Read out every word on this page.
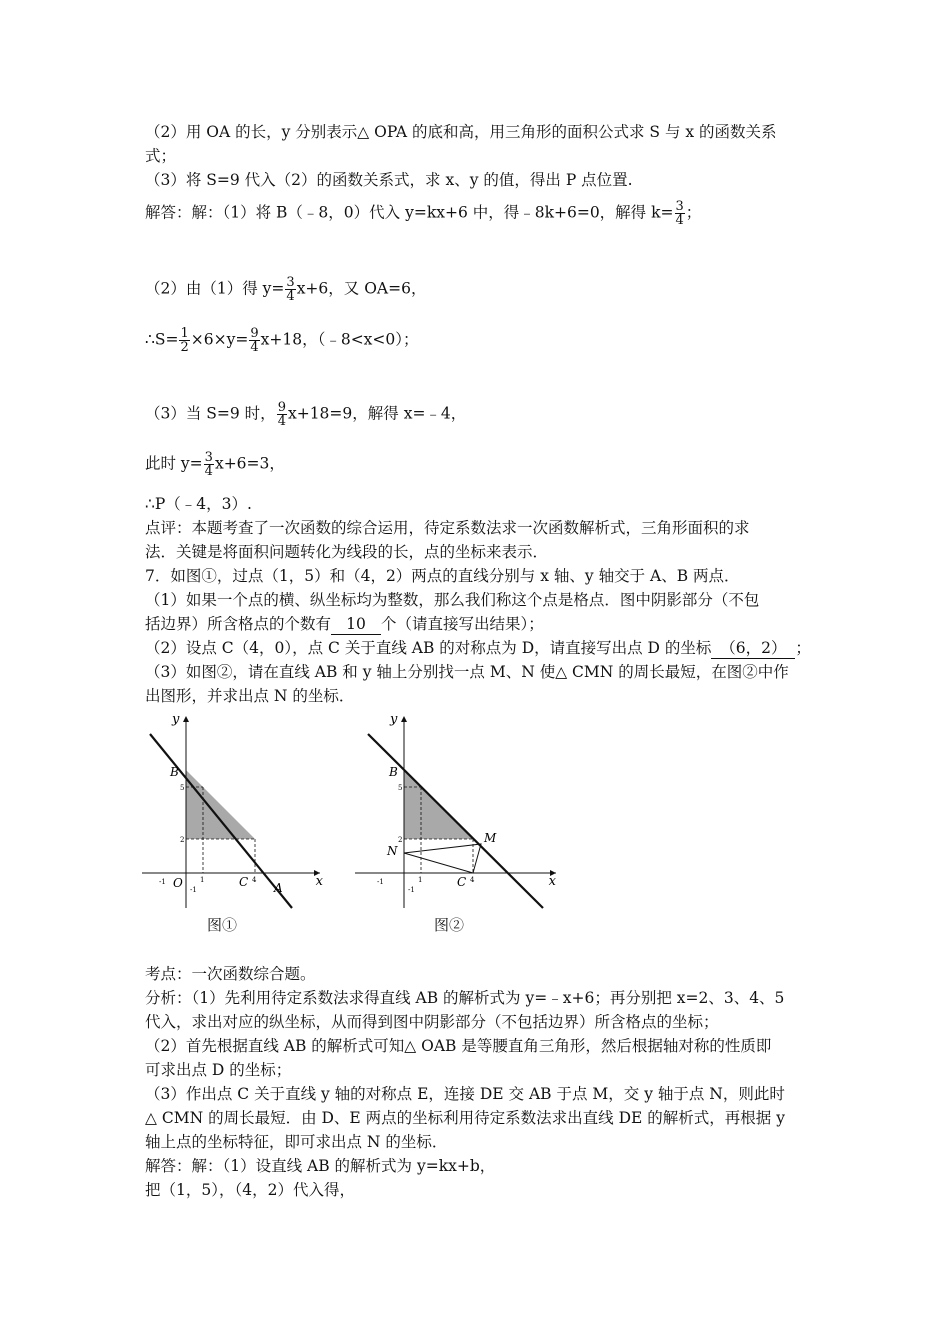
（2）用 OA 的长，y 分别表示△ OPA 的底和高，用三角形的面积公式求 S 与 x 的函数关系
式；
（3）将 S=9 代入（2）的函数关系式，求 x、y 的值，得出 P 点位置.
解答：解：（1）将 B（﹣8，0）代入 y=kx+6 中，得﹣8k+6=0，解得 $k= \frac{3}{4}$ ；
（2）由（1）得 $y= \frac{3}{4} x+6$，又 OA=6，
∴S= $\frac{1}{2} \times 6\times y= \frac{9}{4} x+18$，（﹣8<x<0）；
（3）当 S=9 时， $\frac{9}{4} x+18=9$，解得 x=﹣4，
此时 $y= \frac{3}{4} x+6=3$，
∴P（﹣4，3）.
点评：本题考查了一次函数的综合运用，待定系数法求一次函数解析式，三角形面积的求
法．关键是将面积问题转化为线段的长，点的坐标来表示．
7．如图①，过点（1，5）和（4，2）两点的直线分别与 x 轴、y 轴交于 A、B 两点．
（1）如果一个点的横、纵坐标均为整数，那么我们称这个点是格点．图中阴影部分（不包
括边界）所含格点的个数有 10 个（请直接写出结果）；
（2）设点 C（4，0），点 C 关于直线 AB 的对称点为 D，请直接写出点 D 的坐标 （6，2） ；
（3）如图②，请在直线 AB 和 y 轴上分别找一点 M、N 使△ CMN 的周长最短，在图②中作
出图形，并求出点 N 的坐标．
y
x
B
O	C A
5
2
-1	1	4
-1
图①
y
x
B
M
N
C
5
2
-1	1	4
-1
图②
考点：一次函数综合题。
分析：（1）先利用待定系数法求得直线 AB 的解析式为 y=﹣x+6；再分别把 x=2、3、4、5
代入，求出对应的纵坐标，从而得到图中阴影部分（不包括边界）所含格点的坐标；
（2）首先根据直线 AB 的解析式可知△ OAB 是等腰直角三角形，然后根据轴对称的性质即
可求出点 D 的坐标；
（3）作出点 C 关于直线 y 轴的对称点 E，连接 DE 交 AB 于点 M，交 y 轴于点 N，则此时
△ CMN 的周长最短．由 D、E 两点的坐标利用待定系数法求出直线 DE 的解析式，再根据 y
轴上点的坐标特征，即可求出点 N 的坐标．
解答：解：（1）设直线 AB 的解析式为 y=kx+b，
把（1，5），（4，2）代入得，
